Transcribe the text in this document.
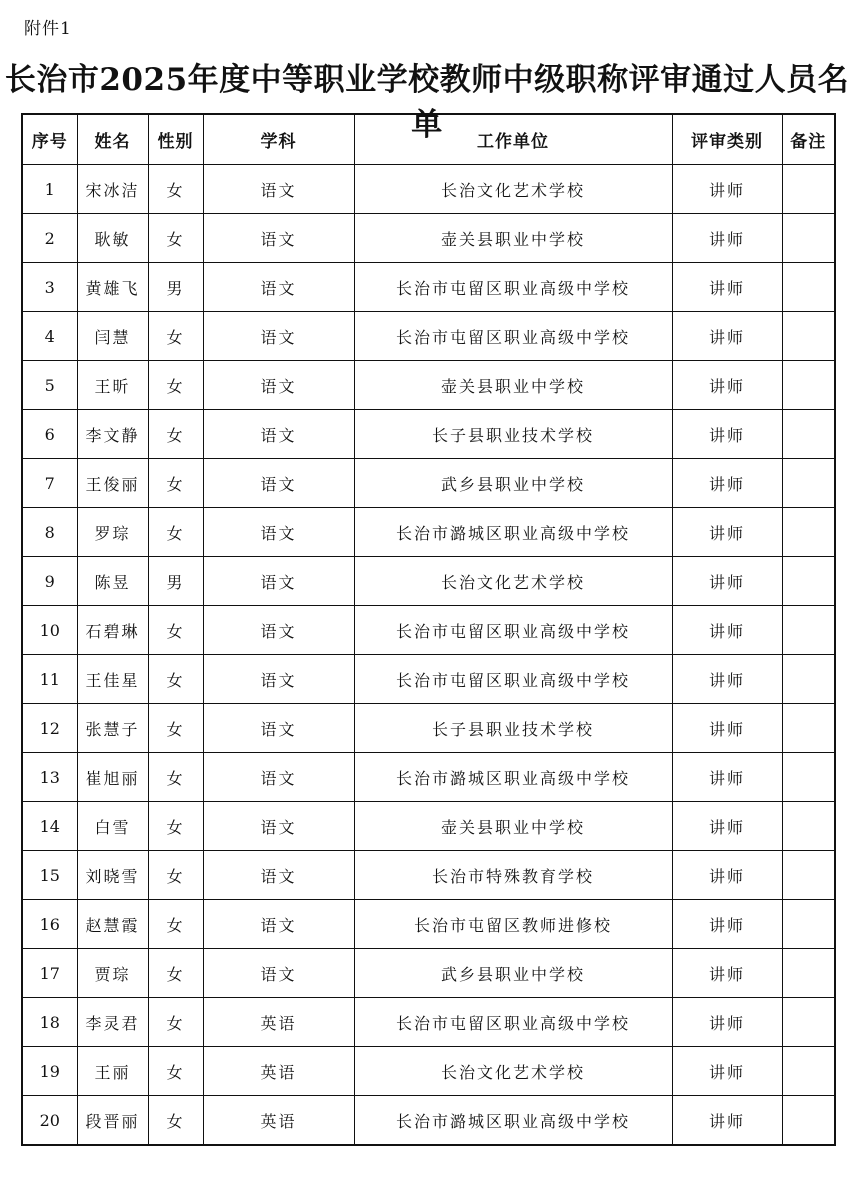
附件1
长治市2025年度中等职业学校教师中级职称评审通过人员名单
序号	姓名	性别	学科	工作单位	评审类别	备注
1	宋冰洁	女	语文	长治文化艺术学校	讲师	
2	耿敏	女	语文	壶关县职业中学校	讲师	
3	黄雄飞	男	语文	长治市屯留区职业高级中学校	讲师	
4	闫慧	女	语文	长治市屯留区职业高级中学校	讲师	
5	王昕	女	语文	壶关县职业中学校	讲师	
6	李文静	女	语文	长子县职业技术学校	讲师	
7	王俊丽	女	语文	武乡县职业中学校	讲师	
8	罗琮	女	语文	长治市潞城区职业高级中学校	讲师	
9	陈昱	男	语文	长治文化艺术学校	讲师	
10	石碧琳	女	语文	长治市屯留区职业高级中学校	讲师	
11	王佳星	女	语文	长治市屯留区职业高级中学校	讲师	
12	张慧子	女	语文	长子县职业技术学校	讲师	
13	崔旭丽	女	语文	长治市潞城区职业高级中学校	讲师	
14	白雪	女	语文	壶关县职业中学校	讲师	
15	刘晓雪	女	语文	长治市特殊教育学校	讲师	
16	赵慧霞	女	语文	长治市屯留区教师进修校	讲师	
17	贾琮	女	语文	武乡县职业中学校	讲师	
18	李灵君	女	英语	长治市屯留区职业高级中学校	讲师	
19	王丽	女	英语	长治文化艺术学校	讲师	
20	段晋丽	女	英语	长治市潞城区职业高级中学校	讲师	
